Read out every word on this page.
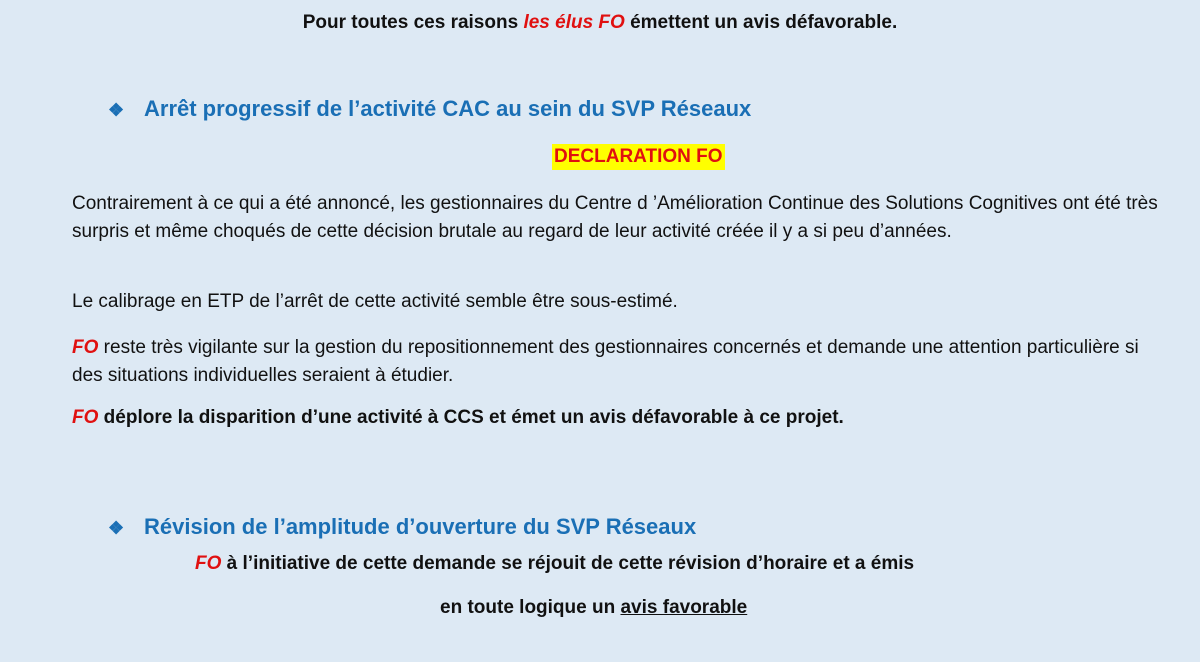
Pour toutes ces raisons les élus FO émettent un avis défavorable.
❖ Arrêt progressif de l’activité CAC au sein du SVP Réseaux
DECLARATION FO
Contrairement à ce qui a été annoncé, les gestionnaires du Centre d ’Amélioration Continue des Solutions Cognitives ont été très surpris et même choqués de cette décision brutale au regard de leur activité créée il y a si peu d’années.
Le calibrage en ETP de l’arrêt de cette activité semble être sous-estimé.
FO reste très vigilante sur la gestion du repositionnement des gestionnaires concernés et demande une attention particulière si des situations individuelles seraient à étudier.
FO déplore la disparition d’une activité à CCS et émet un avis défavorable à ce projet.
❖ Révision de l’amplitude d’ouverture du SVP Réseaux
FO à l’initiative de cette demande se réjouit de cette révision d’horaire et a émis
en toute logique un avis favorable
